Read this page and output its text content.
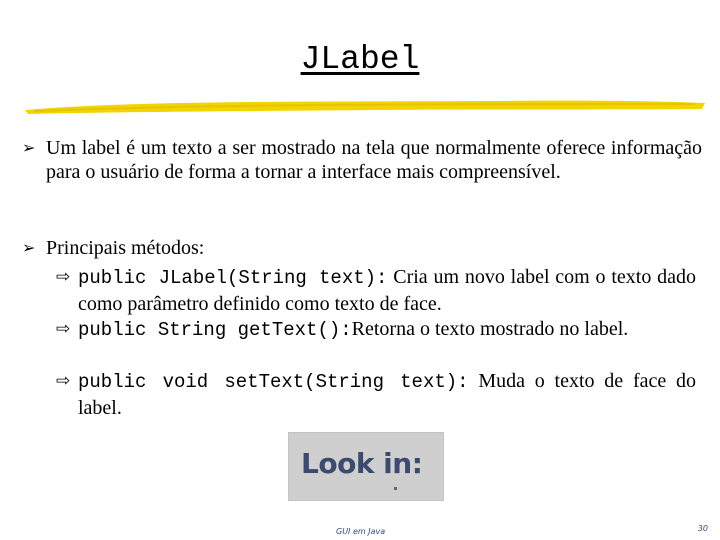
JLabel
➢ Um label é um texto a ser mostrado na tela que normalmente oferece informação para o usuário de forma a tornar a interface mais compreensível.
➢ Principais métodos:
⇨ public JLabel(String text): Cria um novo label com o texto dado como parâmetro definido como texto de face.
⇨ public String getText():Retorna o texto mostrado no label.
⇨ public void setText(String text): Muda o texto de face do label.
Look in:
GUI em Java	30
